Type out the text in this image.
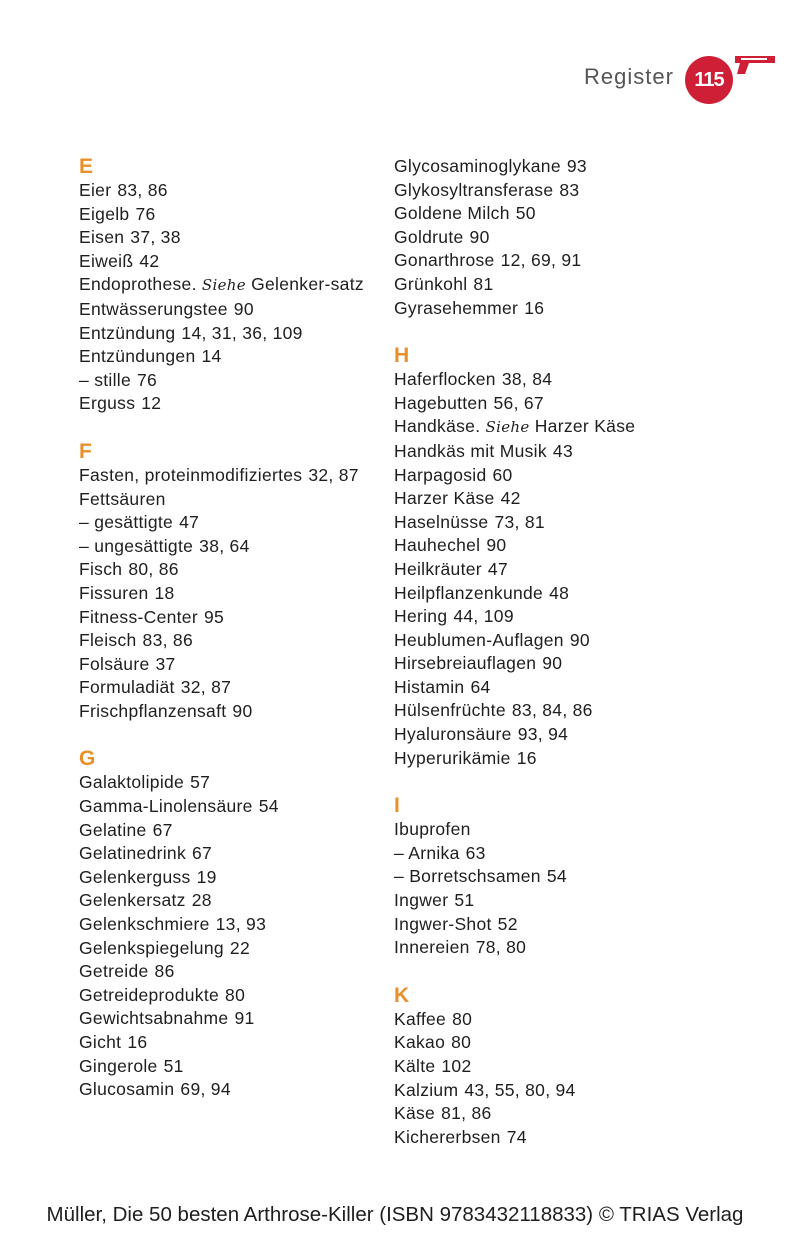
Register	115
E
Eier 83, 86
Eigelb 76
Eisen 37, 38
Eiweiß 42
Endoprothese. Siehe Gelenker-satz
Entwässerungstee 90
Entzündung 14, 31, 36, 109
Entzündungen 14
– stille 76
Erguss 12
F
Fasten, proteinmodifiziertes 32, 87
Fettsäuren
– gesättigte 47
– ungesättigte 38, 64
Fisch 80, 86
Fissuren 18
Fitness-Center 95
Fleisch 83, 86
Folsäure 37
Formuladiät 32, 87
Frischpflanzensaft 90
G
Galaktolipide 57
Gamma-Linolensäure 54
Gelatine 67
Gelatinedrink 67
Gelenkerguss 19
Gelenkersatz 28
Gelenkschmiere 13, 93
Gelenkspiegelung 22
Getreide 86
Getreideprodukte 80
Gewichtsabnahme 91
Gicht 16
Gingerole 51
Glucosamin 69, 94
Glycosaminoglykane 93
Glykosyltransferase 83
Goldene Milch 50
Goldrute 90
Gonarthrose 12, 69, 91
Grünkohl 81
Gyrasehemmer 16
H
Haferflocken 38, 84
Hagebutten 56, 67
Handkäse. Siehe Harzer Käse
Handkäs mit Musik 43
Harpagosid 60
Harzer Käse 42
Haselnüsse 73, 81
Hauhechel 90
Heilkräuter 47
Heilpflanzenkunde 48
Hering 44, 109
Heublumen-Auflagen 90
Hirsebreiauflagen 90
Histamin 64
Hülsenfrüchte 83, 84, 86
Hyaluronsäure 93, 94
Hyperurikämie 16
I
Ibuprofen
– Arnika 63
– Borretschsamen 54
Ingwer 51
Ingwer-Shot 52
Innereien 78, 80
K
Kaffee 80
Kakao 80
Kälte 102
Kalzium 43, 55, 80, 94
Käse 81, 86
Kichererbsen 74
Müller, Die 50 besten Arthrose-Killer (ISBN 9783432118833) © TRIAS Verlag
